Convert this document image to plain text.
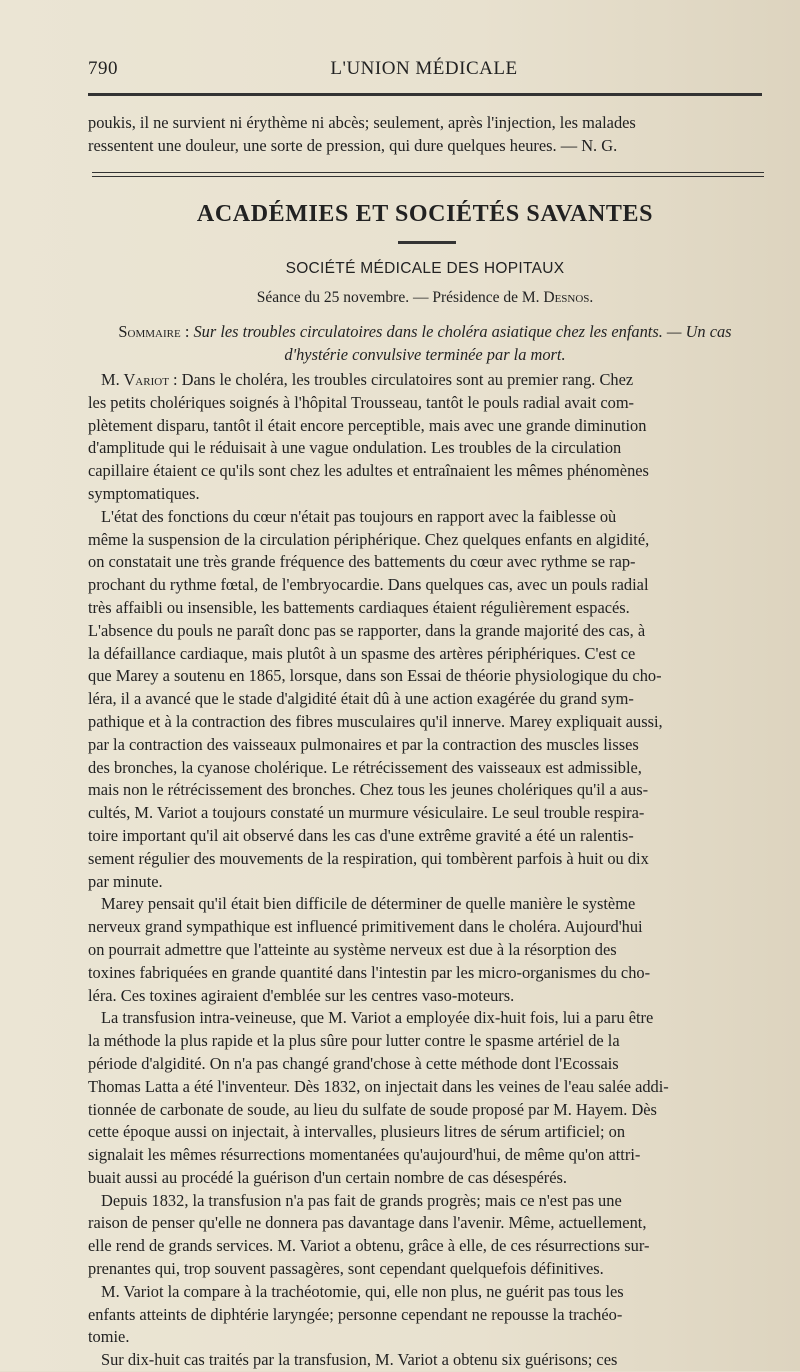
790	L'UNION MÉDICALE

poukis, il ne survient ni érythème ni abcès; seulement, après l'injection, les malades

ressentent une douleur, une sorte de pression, qui dure quelques heures. — N. G.

ACADÉMIES ET SOCIÉTÉS SAVANTES
SOCIÉTÉ MÉDICALE DES HOPITAUX
Séance du 25 novembre. — Présidence de M. Desnos.
Sommaire : Sur les troubles circulatoires dans le choléra asiatique chez les enfants. — Un cas
d'hystérie convulsive terminée par la mort.

M. Variot : Dans le choléra, les troubles circulatoires sont au premier rang. Chez
les petits cholériques soignés à l'hôpital Trousseau, tantôt le pouls radial avait com-
plètement disparu, tantôt il était encore perceptible, mais avec une grande diminution
d'amplitude qui le réduisait à une vague ondulation. Les troubles de la circulation
capillaire étaient ce qu'ils sont chez les adultes et entraînaient les mêmes phénomènes
symptomatiques.

L'état des fonctions du cœur n'était pas toujours en rapport avec la faiblesse où
même la suspension de la circulation périphérique. Chez quelques enfants en algidité,
on constatait une très grande fréquence des battements du cœur avec rythme se rap-
prochant du rythme fœtal, de l'embryocardie. Dans quelques cas, avec un pouls radial
très affaibli ou insensible, les battements cardiaques étaient régulièrement espacés.
L'absence du pouls ne paraît donc pas se rapporter, dans la grande majorité des cas, à
la défaillance cardiaque, mais plutôt à un spasme des artères périphériques. C'est ce
que Marey a soutenu en 1865, lorsque, dans son Essai de théorie physiologique du cho-
léra, il a avancé que le stade d'algidité était dû à une action exagérée du grand sym-
pathique et à la contraction des fibres musculaires qu'il innerve. Marey expliquait aussi,
par la contraction des vaisseaux pulmonaires et par la contraction des muscles lisses
des bronches, la cyanose cholérique. Le rétrécissement des vaisseaux est admissible,
mais non le rétrécissement des bronches. Chez tous les jeunes cholériques qu'il a aus-
cultés, M. Variot a toujours constaté un murmure vésiculaire. Le seul trouble respira-
toire important qu'il ait observé dans les cas d'une extrême gravité a été un ralentis-
sement régulier des mouvements de la respiration, qui tombèrent parfois à huit ou dix
par minute.

Marey pensait qu'il était bien difficile de déterminer de quelle manière le système
nerveux grand sympathique est influencé primitivement dans le choléra. Aujourd'hui
on pourrait admettre que l'atteinte au système nerveux est due à la résorption des
toxines fabriquées en grande quantité dans l'intestin par les micro-organismes du cho-
léra. Ces toxines agiraient d'emblée sur les centres vaso-moteurs.

La transfusion intra-veineuse, que M. Variot a employée dix-huit fois, lui a paru être
la méthode la plus rapide et la plus sûre pour lutter contre le spasme artériel de la
période d'algidité. On n'a pas changé grand'chose à cette méthode dont l'Ecossais
Thomas Latta a été l'inventeur. Dès 1832, on injectait dans les veines de l'eau salée addi-
tionnée de carbonate de soude, au lieu du sulfate de soude proposé par M. Hayem. Dès
cette époque aussi on injectait, à intervalles, plusieurs litres de sérum artificiel; on
signalait les mêmes résurrections momentanées qu'aujourd'hui, de même qu'on attri-
buait aussi au procédé la guérison d'un certain nombre de cas désespérés.

Depuis 1832, la transfusion n'a pas fait de grands progrès; mais ce n'est pas une
raison de penser qu'elle ne donnera pas davantage dans l'avenir. Même, actuellement,
elle rend de grands services. M. Variot a obtenu, grâce à elle, de ces résurrections sur-
prenantes qui, trop souvent passagères, sont cependant quelquefois définitives.

M. Variot la compare à la trachéotomie, qui, elle non plus, ne guérit pas tous les
enfants atteints de diphtérie laryngée; personne cependant ne repousse la trachéo-
tomie.

Sur dix-huit cas traités par la transfusion, M. Variot a obtenu six guérisons; ces
